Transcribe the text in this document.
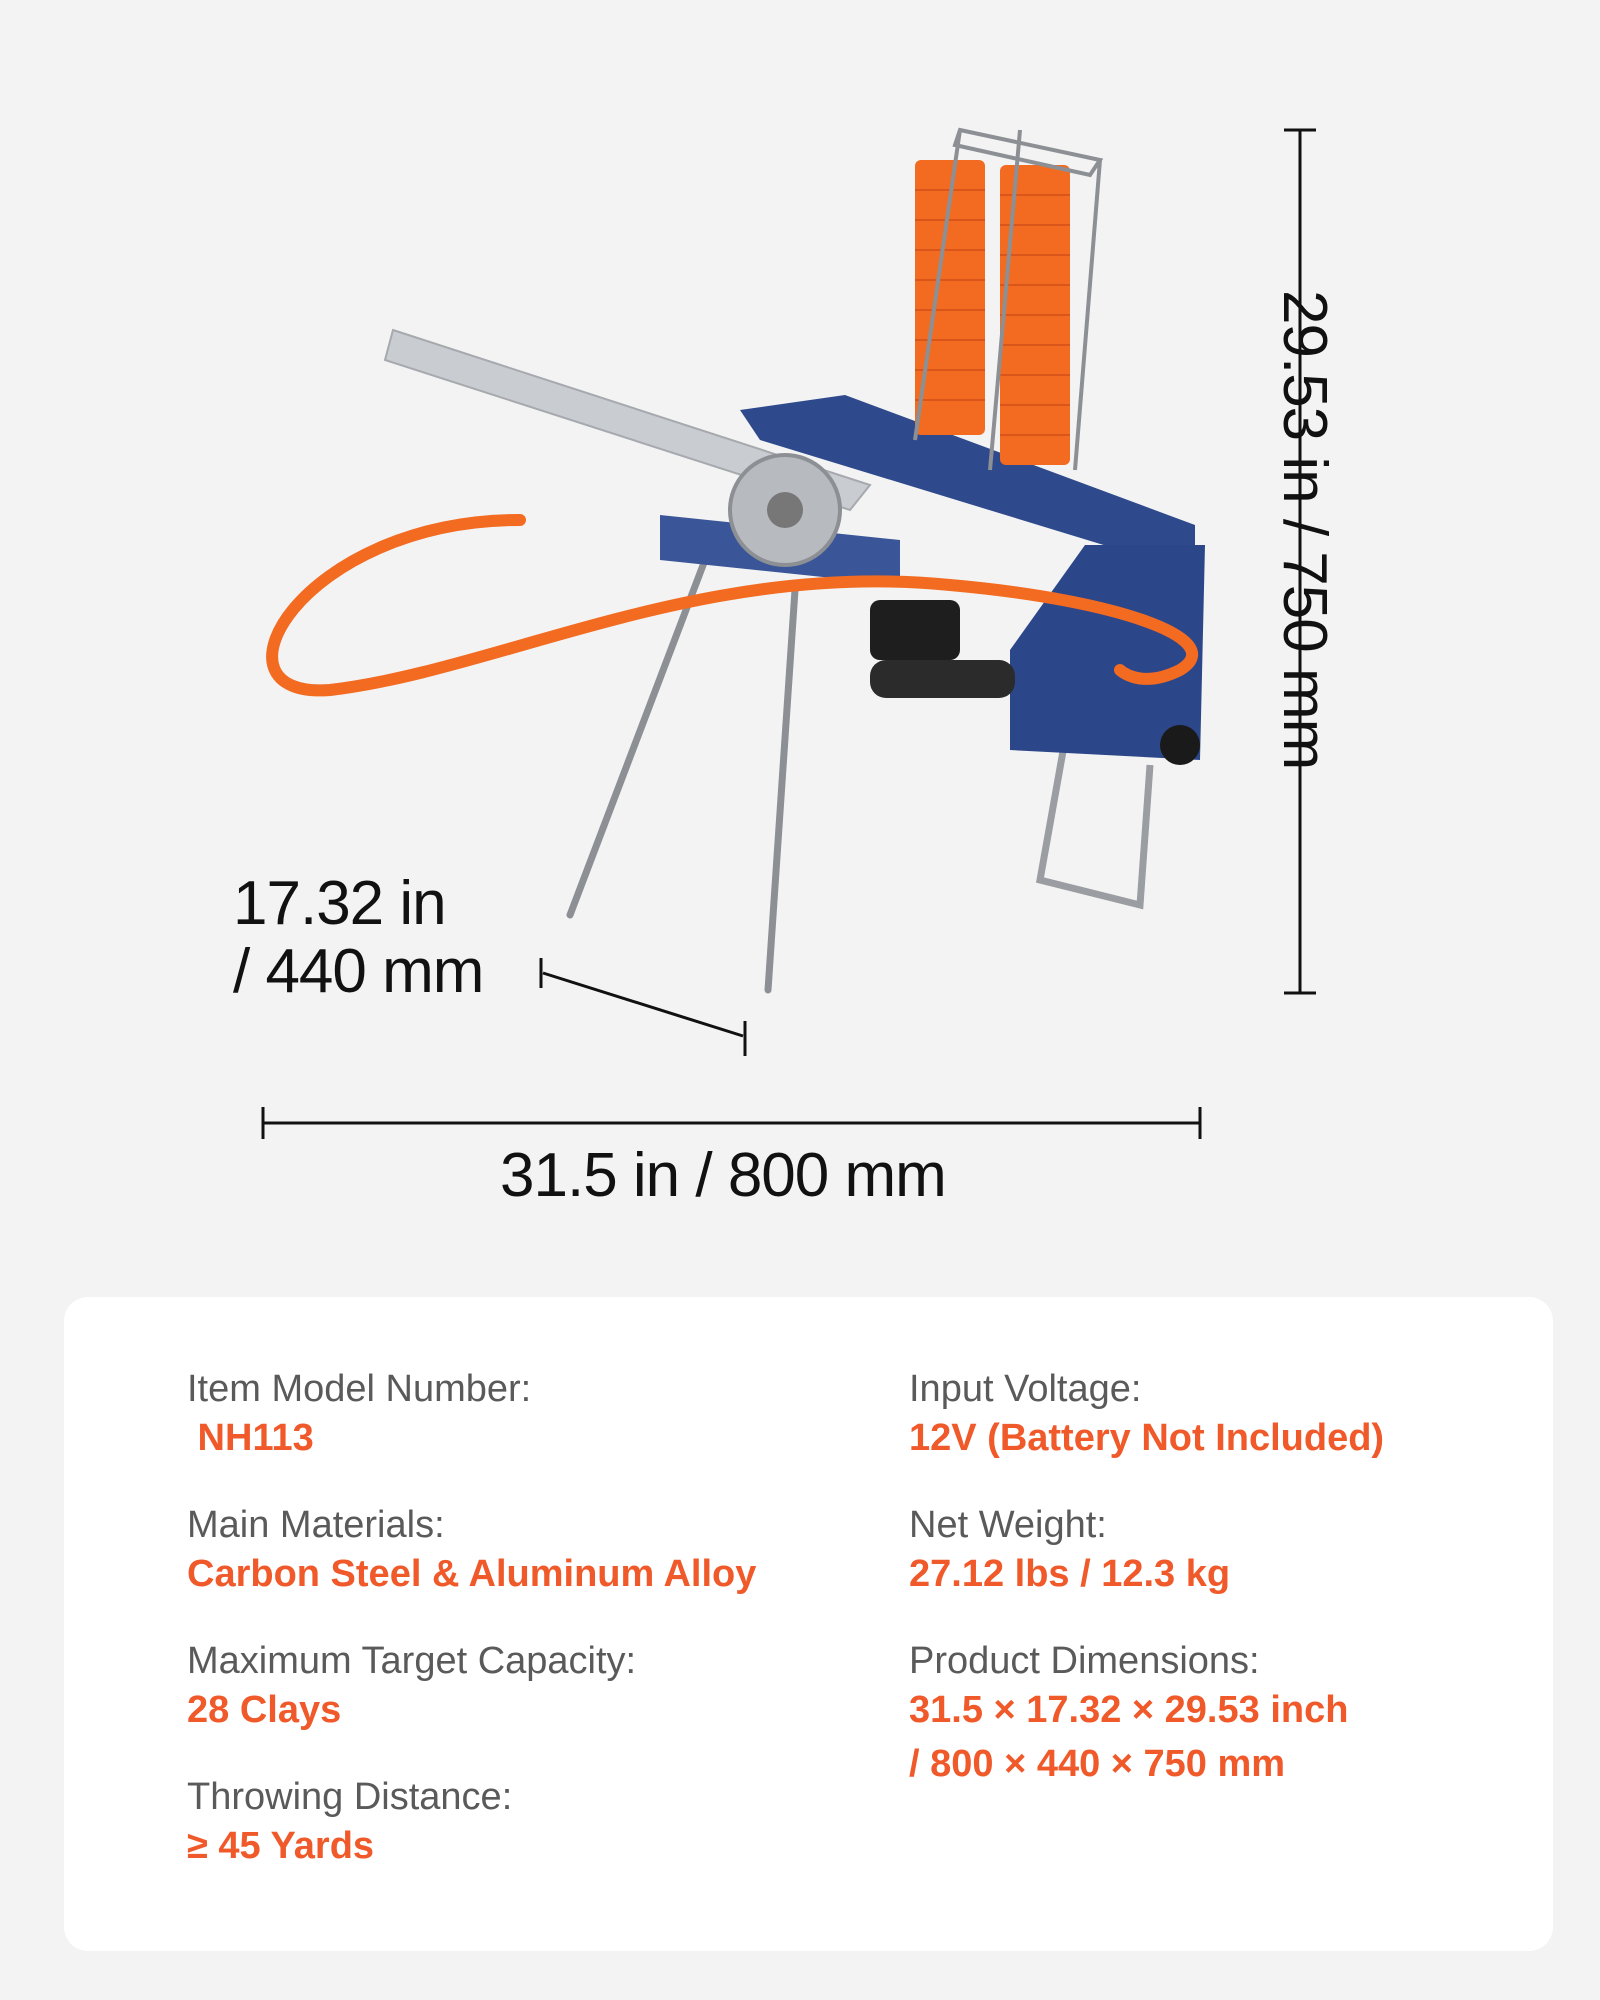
17.32 in
/ 440 mm
31.5 in / 800 mm
29.53 in / 750 mm
Item Model Number:
NH113
Main Materials:
Carbon Steel & Aluminum Alloy
Maximum Target Capacity:
28 Clays
Throwing Distance:
≥ 45 Yards
Input Voltage:
12V (Battery Not Included)
Net Weight:
27.12 lbs / 12.3 kg
Product Dimensions:
31.5 × 17.32 × 29.53 inch
/ 800 × 440 × 750 mm
